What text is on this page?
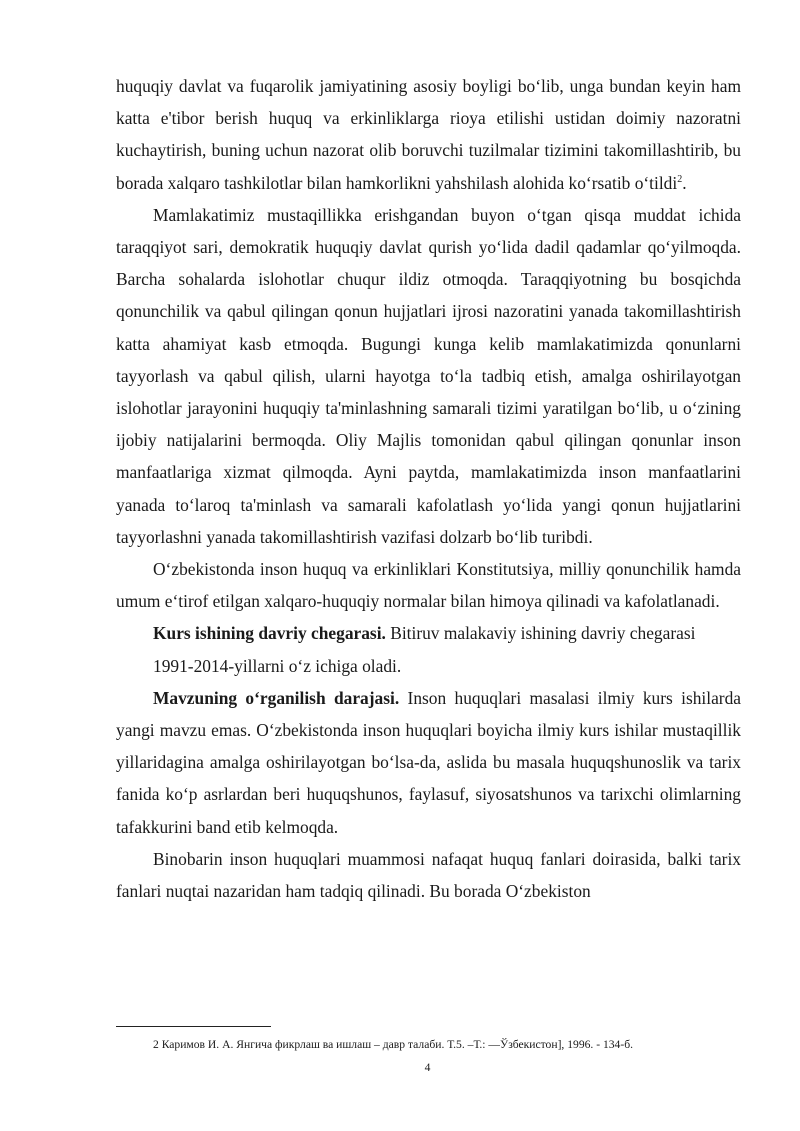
huquqiy davlat va fuqarolik jamiyatining asosiy boyligi bo‘lib, unga bundan keyin ham katta e'tibor berish huquq va erkinliklarga rioya etilishi ustidan doimiy nazoratni kuchaytirish, buning uchun nazorat olib boruvchi tuzilmalar tizimini takomillashtirib, bu borada xalqaro tashkilotlar bilan hamkorlikni yahshilash alohida ko‘rsatib o‘tildi$^2$.

Mamlakatimiz mustaqillikka erishgandan buyon o‘tgan qisqa muddat ichida taraqqiyot sari, demokratik huquqiy davlat qurish yo‘lida dadil qadamlar qo‘yilmoqda. Barcha sohalarda islohotlar chuqur ildiz otmoqda. Taraqqiyotning bu bosqichda qonunchilik va qabul qilingan qonun hujjatlari ijrosi nazoratini yanada takomillashtirish katta ahamiyat kasb etmoqda. Bugungi kunga kelib mamlakatimizda qonunlarni tayyorlash va qabul qilish, ularni hayotga to‘la tadbiq etish, amalga oshirilayotgan islohotlar jarayonini huquqiy ta'minlashning samarali tizimi yaratilgan bo‘lib, u o‘zining ijobiy natijalarini bermoqda. Oliy Majlis tomonidan qabul qilingan qonunlar inson manfaatlariga xizmat qilmoqda. Ayni paytda, mamlakatimizda inson manfaatlarini yanada to‘laroq ta'minlash va samarali kafolatlash yo‘lida yangi qonun hujjatlarini tayyorlashni yanada takomillashtirish vazifasi dolzarb bo‘lib turibdi.

O‘zbekistonda inson huquq va erkinliklari Konstitutsiya, milliy qonunchilik hamda umum e‘tirof etilgan xalqaro-huquqiy normalar bilan himoya qilinadi va kafolatlanadi.

Kurs ishining davriy chegarasi. Bitiruv malakaviy ishining davriy chegarasi

1991-2014-yillarni o‘z ichiga oladi.

Mavzuning o‘rganilish darajasi. Inson huquqlari masalasi ilmiy kurs ishilarda yangi mavzu emas. O‘zbekistonda inson huquqlari boyicha ilmiy kurs ishilar mustaqillik yillaridagina amalga oshirilayotgan bo‘lsa-da, aslida bu masala huquqshunoslik va tarix fanida ko‘p asrlardan beri huquqshunos, faylasuf, siyosatshunos va tarixchi olimlarning tafakkurini band etib kelmoqda.

Binobarin inson huquqlari muammosi nafaqat huquq fanlari doirasida, balki tarix fanlari nuqtai nazaridan ham tadqiq qilinadi. Bu borada O‘zbekiston

2 Каримов И. А. Янгича фикрлаш ва ишлаш – давр талаби. Т.5. –Т.: —Ўзбекистон], 1996. - 134-б.
4
